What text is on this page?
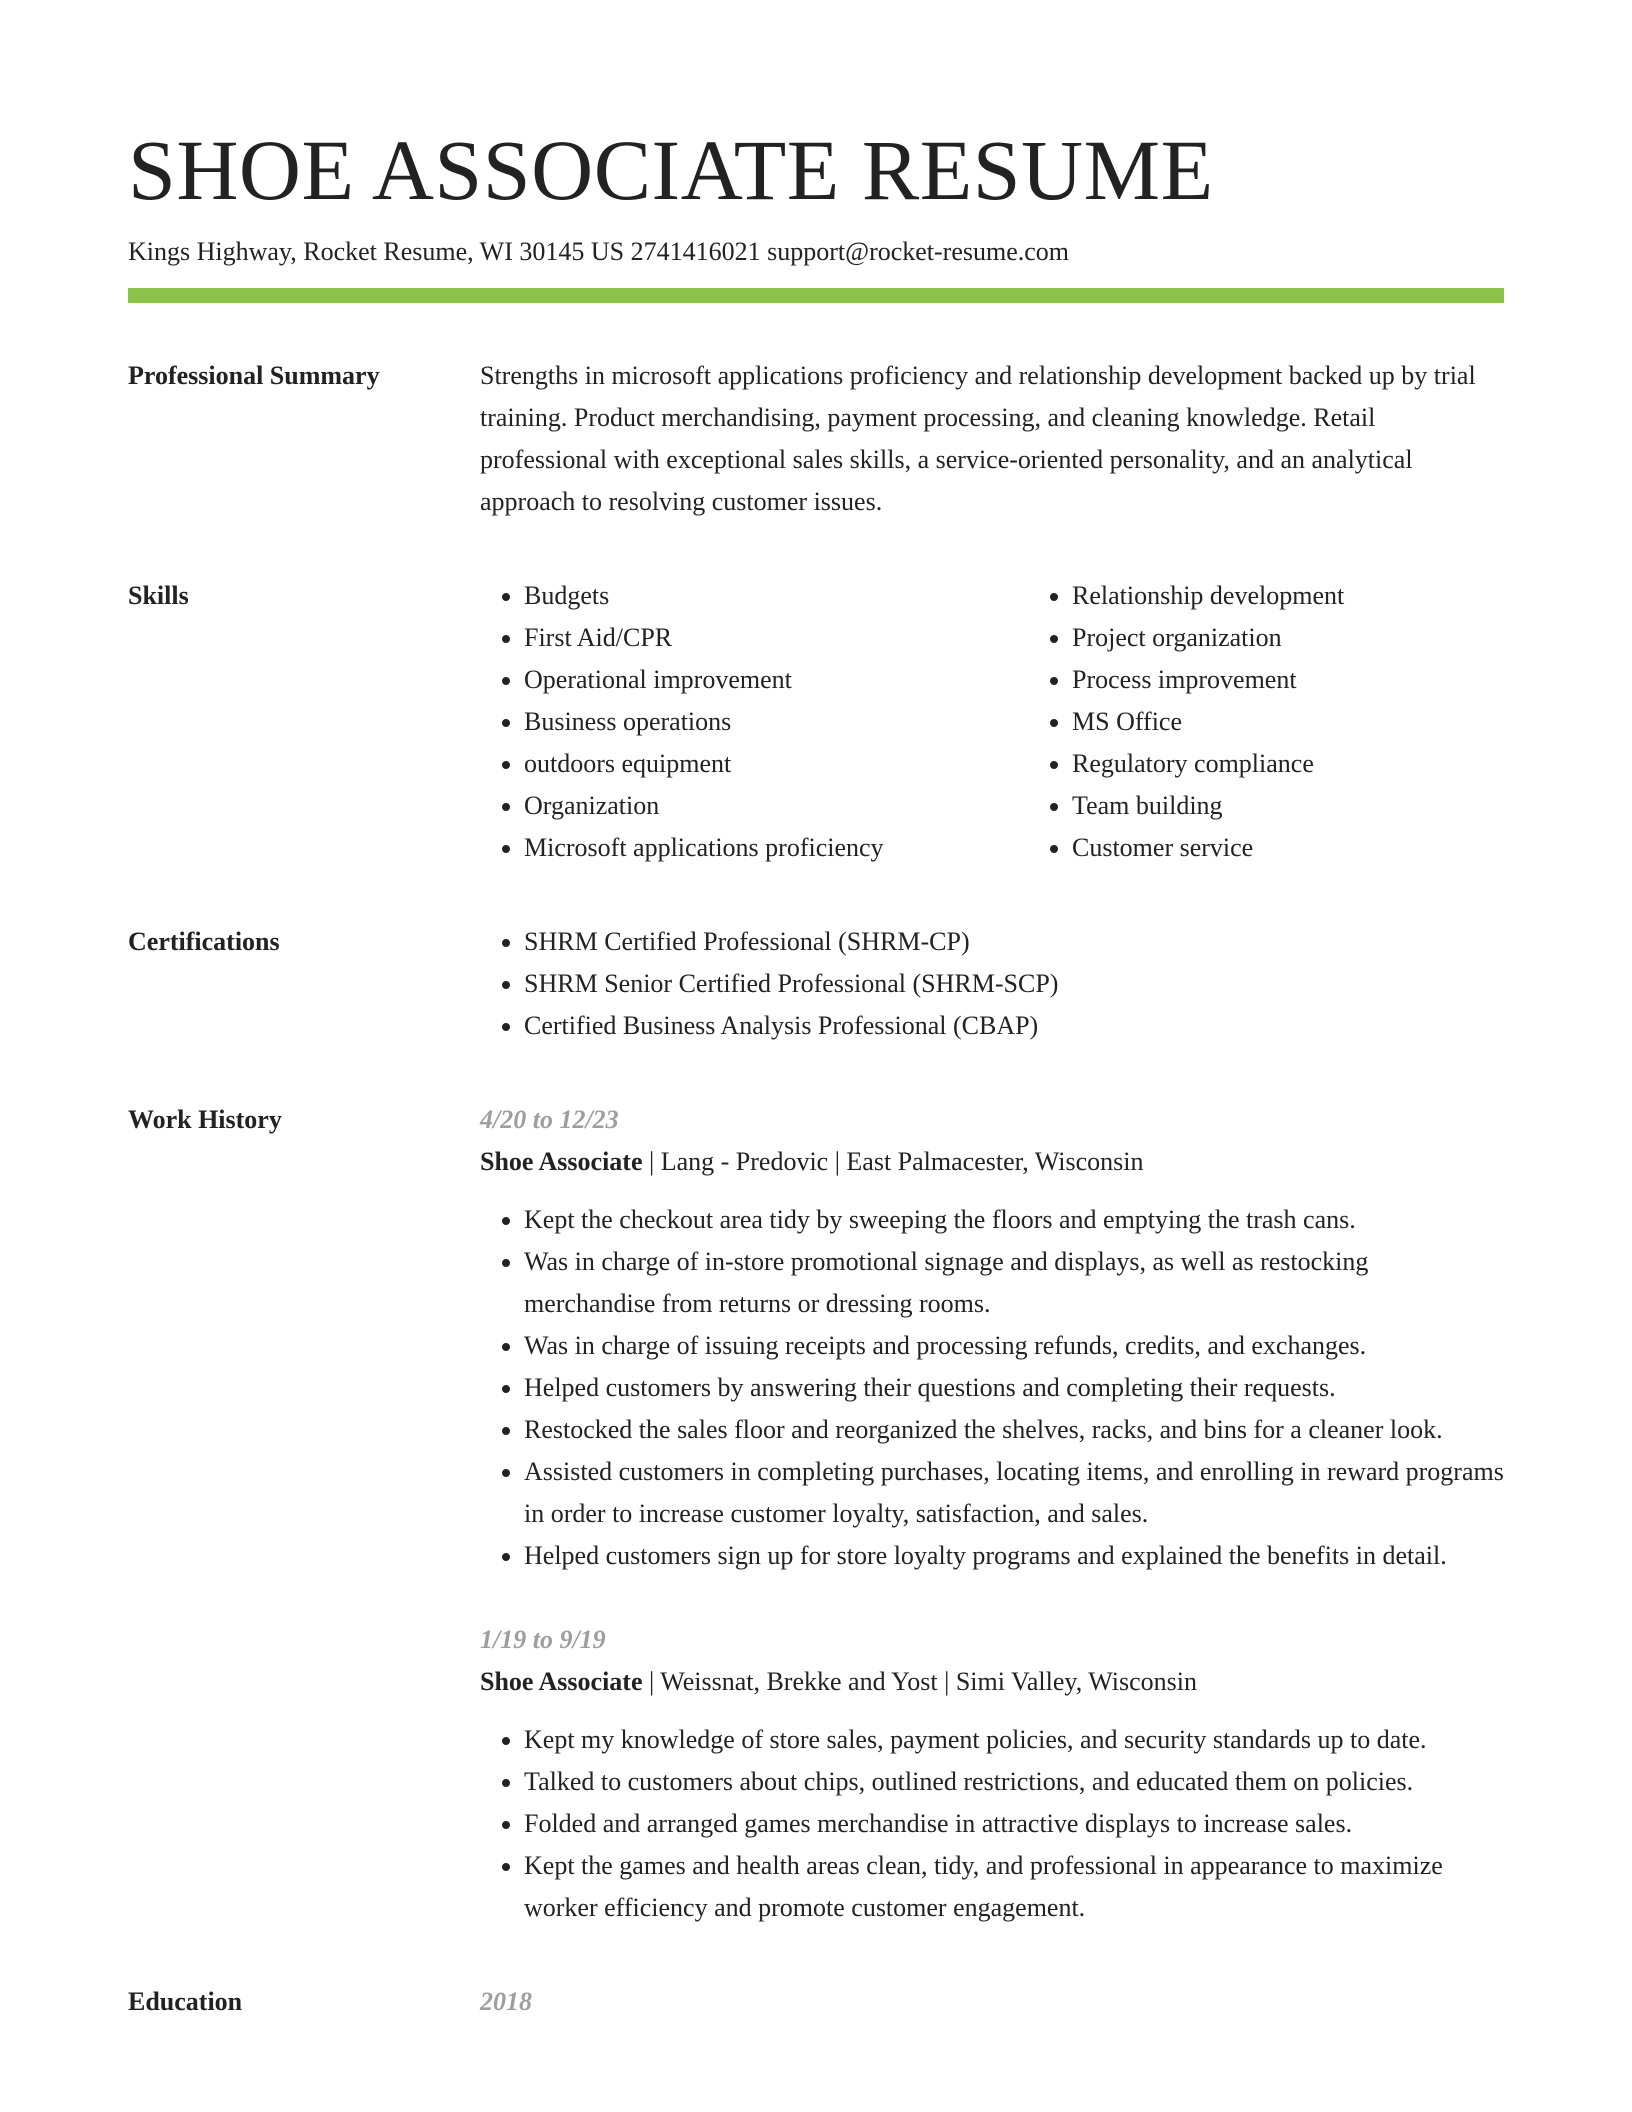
SHOE ASSOCIATE RESUME
Kings Highway, Rocket Resume, WI 30145 US 2741416021 support@rocket-resume.com
Professional Summary	Strengths in microsoft applications proficiency and relationship development backed up by trial training. Product merchandising, payment processing, and cleaning knowledge. Retail professional with exceptional sales skills, a service-oriented personality, and an analytical approach to resolving customer issues.

Skills	• Budgets
• First Aid/CPR
• Operational improvement
• Business operations
• outdoors equipment
• Organization
• Microsoft applications proficiency
• Relationship development
• Project organization
• Process improvement
• MS Office
• Regulatory compliance
• Team building
• Customer service
Certifications	• SHRM Certified Professional (SHRM-CP)
• SHRM Senior Certified Professional (SHRM-SCP)
• Certified Business Analysis Professional (CBAP)
Work History	4/20 to 12/23
Shoe Associate | Lang - Predovic | East Palmacester, Wisconsin
• Kept the checkout area tidy by sweeping the floors and emptying the trash cans.
• Was in charge of in-store promotional signage and displays, as well as restocking merchandise from returns or dressing rooms.
• Was in charge of issuing receipts and processing refunds, credits, and exchanges.
• Helped customers by answering their questions and completing their requests.
• Restocked the sales floor and reorganized the shelves, racks, and bins for a cleaner look.
• Assisted customers in completing purchases, locating items, and enrolling in reward programs in order to increase customer loyalty, satisfaction, and sales.
• Helped customers sign up for store loyalty programs and explained the benefits in detail.
1/19 to 9/19
Shoe Associate | Weissnat, Brekke and Yost | Simi Valley, Wisconsin
• Kept my knowledge of store sales, payment policies, and security standards up to date.
• Talked to customers about chips, outlined restrictions, and educated them on policies.
• Folded and arranged games merchandise in attractive displays to increase sales.
• Kept the games and health areas clean, tidy, and professional in appearance to maximize worker efficiency and promote customer engagement.
Education	2018
